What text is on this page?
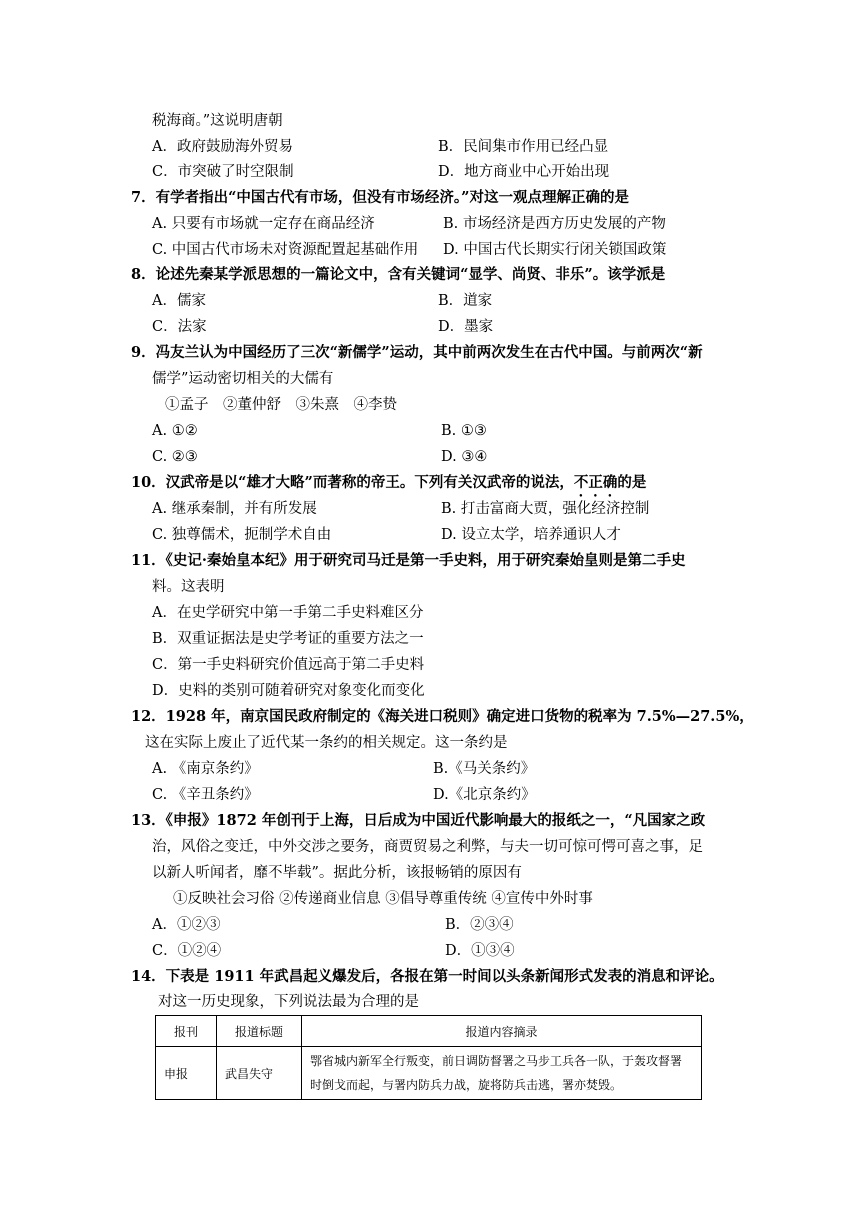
税海商。”这说明唐朝
A．政府鼓励海外贸易	B．民间集市作用已经凸显
C．市突破了时空限制	D．地方商业中心开始出现
7．有学者指出“中国古代有市场，但没有市场经济。”对这一观点理解正确的是
A. 只要有市场就一定存在商品经济	B. 市场经济是西方历史发展的产物
C. 中国古代市场未对资源配置起基础作用 D. 中国古代长期实行闭关锁国政策
8．论述先秦某学派思想的一篇论文中，含有关键词“显学、尚贤、非乐”。该学派是
A．儒家	B．道家
C．法家	D．墨家
9．冯友兰认为中国经历了三次“新儒学”运动，其中前两次发生在古代中国。与前两次“新
儒学”运动密切相关的大儒有
①孟子　②董仲舒　③朱熹　④李贽
A. ①②	B. ①③
C. ②③	D. ③④
10．汉武帝是以“雄才大略”而著称的帝王。下列有关汉武帝的说法，不正确的是
A. 继承秦制，并有所发展	B. 打击富商大贾，强化经济控制
C. 独尊儒术，扼制学术自由	D. 设立太学，培养通识人才
11．《史记·秦始皇本纪》用于研究司马迁是第一手史料，用于研究秦始皇则是第二手史
料。这表明
A．在史学研究中第一手第二手史料难区分
B．双重证据法是史学考证的重要方法之一
C．第一手史料研究价值远高于第二手史料
D．史料的类别可随着研究对象变化而变化
12．1928 年，南京国民政府制定的《海关进口税则》确定进口货物的税率为 7.5%—27.5%，
这在实际上废止了近代某一条约的相关规定。这一条约是
A. 《南京条约》	B.《马关条约》
C. 《辛丑条约》	D.《北京条约》
13．《申报》1872 年创刊于上海，日后成为中国近代影响最大的报纸之一，“凡国家之政
治，风俗之变迁，中外交涉之要务，商贾贸易之利弊，与夫一切可惊可愕可喜之事，足
以新人听闻者，靡不毕载”。据此分析，该报畅销的原因有
①反映社会习俗 ②传递商业信息 ③倡导尊重传统 ④宣传中外时事
A．①②③	B．②③④
C．①②④	D．①③④
14．下表是 1911 年武昌起义爆发后，各报在第一时间以头条新闻形式发表的消息和评论。
对这一历史现象，下列说法最为合理的是
报刊	报道标题	报道内容摘录
申报	武昌失守	鄂省城内新军全行叛变，前日调防督署之马步工兵各一队，于轰攻督署时倒戈而起，与署内防兵力战，旋将防兵击逃，署亦焚毁。
